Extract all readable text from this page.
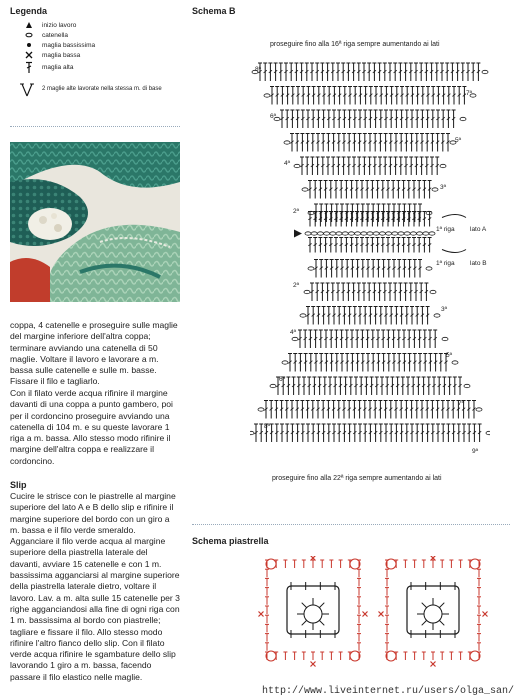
Legenda
inizio lavoro
catenella
maglia bassissima
maglia bassa
maglia alta
2 maglie alte lavorate nella stessa m. di base
coppa, 4 catenelle e proseguire sulle maglie del margine inferiore dell'altra coppa; terminare avviando una catenella di 50 maglie. Voltare il lavoro e lavorare a m. bassa sulle catenelle e sulle m. basse. Fissare il filo e tagliarlo.
Con il filato verde acqua rifinire il margine davanti di una coppa a punto gambero, poi per il cordoncino proseguire avviando una catenella di 104 m. e su queste lavorare 1 riga a m. bassa. Allo stesso modo rifinire il margine dell'altra coppa e realizzare il cordoncino.
Slip
Cucire le strisce con le piastrelle al margine superiore del lato A e B dello slip e rifinire il margine superiore del bordo con un giro a m. bassa e il filo verde smeraldo. Agganciare il filo verde acqua al margine superiore della piastrella laterale del davanti, avviare 15 catenelle e con 1 m. bassissima agganciarsi al margine superiore della piastrella laterale dietro, voltare il lavoro. Lav. a m. alta sulle 15 catenelle per 3 righe agganciandosi alla fine di ogni riga con 1 m. bassissima al bordo con piastrelle; tagliare e fissare il filo. Allo stesso modo rifinire l'altro fianco dello slip. Con il filato verde acqua rifinire le sgambature dello slip lavorando 1 giro a m. bassa, facendo passare il filo elastico nelle maglie.
Schema B
proseguire fino alla 16ª riga sempre aumentando ai lati
8ª
7ª
6ª
5ª
4ª
3ª
2ª
1ª riga lato A
1ª riga lato B
2ª
3ª
4ª
5ª
6ª
7ª
8ª
9ª
proseguire fino alla 22ª riga sempre aumentando ai lati
Schema piastrella
http://www.liveinternet.ru/users/olga_san/
